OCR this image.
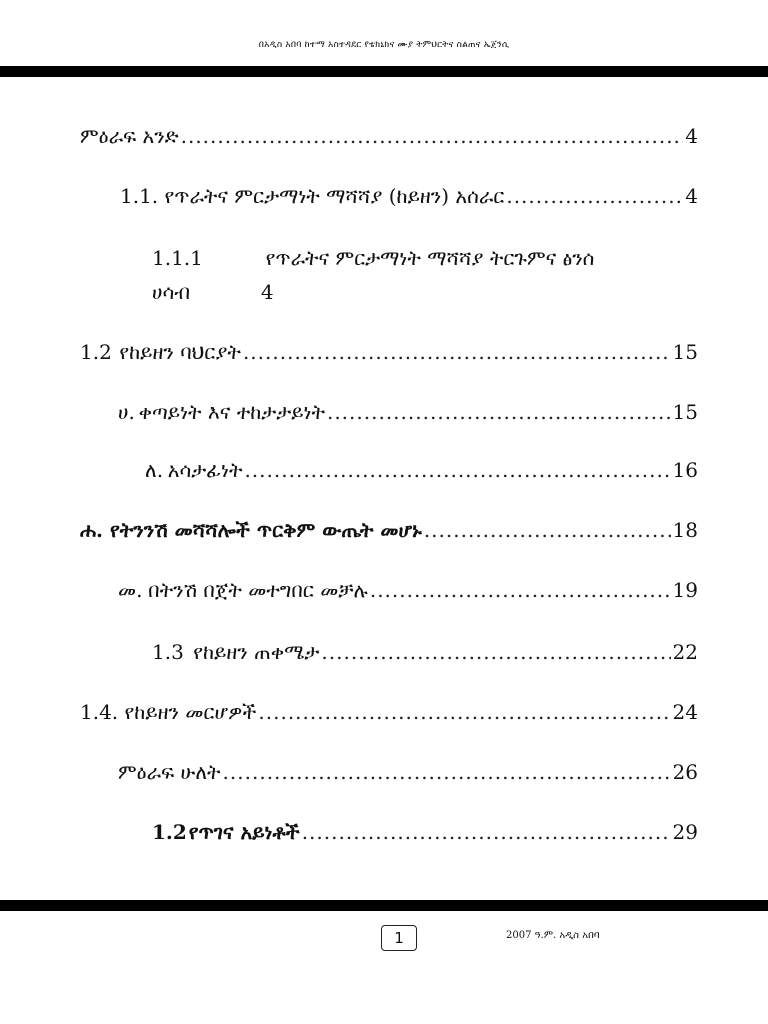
በአዲስ አበባ ከተማ አስተዳደር የቴክኒክና ሙያ ትምህርትና ስልጠና ኤጀንሲ
ምዕራፍ አንድ .....	4
1.1. የጥራትና ምርታማነት ማሻሻያ (ከይዘን) አሰራር .....	4
1.1.1	የጥራትና ምርታማነት ማሻሻያ ትርጉምና ፅንሰ
ሀሳብ	4
1.2 የከይዘን ባህርያት .....	15
ሀ. ቀጣይነት እና ተከታታይነት .....	15
ለ. አሳታፊነት .....	16
ሐ. የትንንሽ መሻሻሎች ጥርቅም ውጤት መሆኑ .....	18
መ. በትንሽ በጀት መተግበር መቻሉ .....	19
1.3 የከይዘን ጠቀሜታ .....	22
1.4. የከይዘን መርሆዎች .....	24
ምዕራፍ ሁለት .....	26
1.2 የጥገና አይነቶች .....	29
1	2007 ዓ.ም. አዲስ አበባ
